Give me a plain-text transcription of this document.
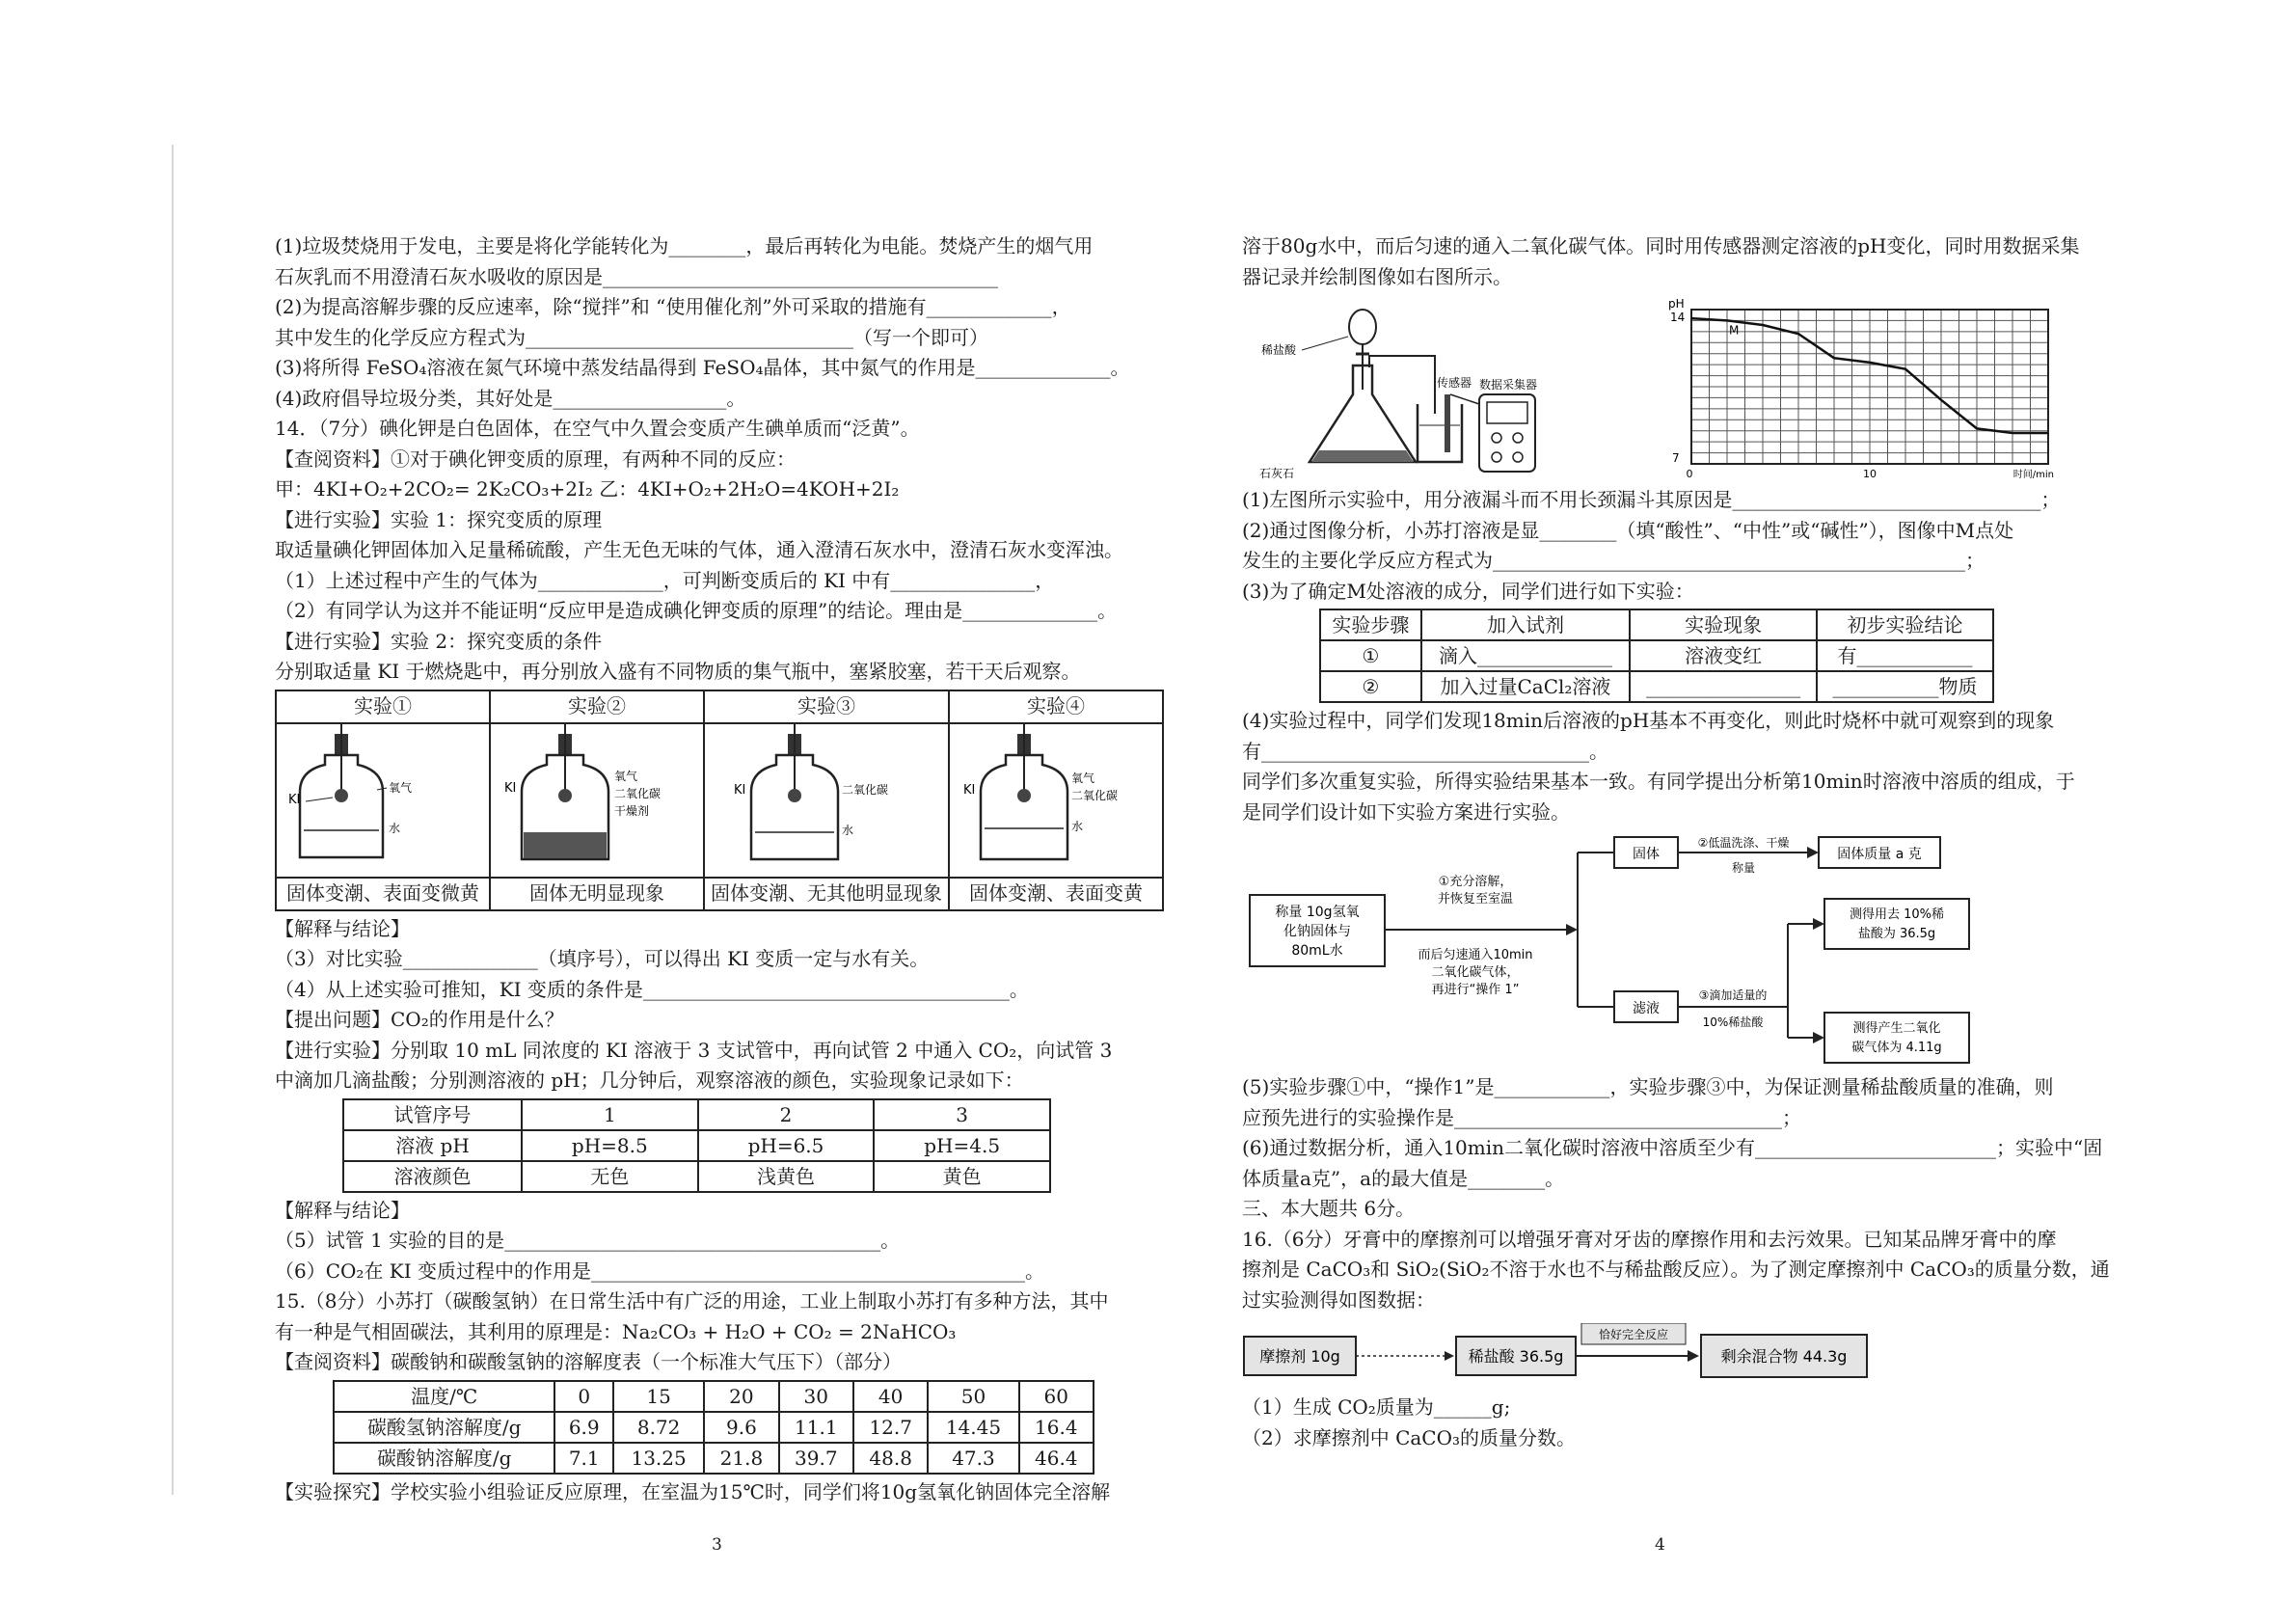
(1)垃圾焚烧用于发电，主要是将化学能转化为________，最后再转化为电能。焚烧产生的烟气用

石灰乳而不用澄清石灰水吸收的原因是_________________________________________

(2)为提高溶解步骤的反应速率，除“搅拌”和 “使用催化剂”外可采取的措施有_____________，

其中发生的化学反应方程式为__________________________________（写一个即可）

(3)将所得 FeSO₄溶液在氮气环境中蒸发结晶得到 FeSO₄晶体，其中氮气的作用是______________。

(4)政府倡导垃圾分类，其好处是__________________。

14．（7分）碘化钾是白色固体，在空气中久置会变质产生碘单质而“泛黄”。

【查阅资料】①对于碘化钾变质的原理，有两种不同的反应：

甲：4KI+O₂+2CO₂= 2K₂CO₃+2I₂ 乙：4KI+O₂+2H₂O=4KOH+2I₂

【进行实验】实验 1：探究变质的原理

取适量碘化钾固体加入足量稀硫酸，产生无色无味的气体，通入澄清石灰水中，澄清石灰水变浑浊。

（1）上述过程中产生的气体为_____________，可判断变质后的 KI 中有_______________，

（2）有同学认为这并不能证明“反应甲是造成碘化钾变质的原理”的结论。理由是______________。

【进行实验】实验 2：探究变质的条件

分别取适量 KI 于燃烧匙中，再分别放入盛有不同物质的集气瓶中，塞紧胶塞，若干天后观察。

实验①	实验②	实验③	实验④

KI
氧气
水	KI
氧气
二氧化碳
干燥剂	KI 二氧化碳
水	KI
氧气
二氧化碳
水

固体变潮、表面变微黄	固体无明显现象	固体变潮、无其他明显现象	固体变潮、表面变黄

【解释与结论】

（3）对比实验______________（填序号），可以得出 KI 变质一定与水有关。

（4）从上述实验可推知，KI 变质的条件是______________________________________。

【提出问题】CO₂的作用是什么？

【进行实验】分别取 10 mL 同浓度的 KI 溶液于 3 支试管中，再向试管 2 中通入 CO₂，向试管 3

中滴加几滴盐酸；分别测溶液的 pH；几分钟后，观察溶液的颜色，实验现象记录如下：

试管序号	1	2	3
溶液 pH	pH=8.5	pH=6.5	pH=4.5
溶液颜色	无色	浅黄色	黄色

【解释与结论】

（5）试管 1 实验的目的是_______________________________________。

（6）CO₂在 KI 变质过程中的作用是_____________________________________________。

15.（8分）小苏打（碳酸氢钠）在日常生活中有广泛的用途，工业上制取小苏打有多种方法，其中

有一种是气相固碳法，其利用的原理是：Na₂CO₃ + H₂O + CO₂ = 2NaHCO₃

【查阅资料】碳酸钠和碳酸氢钠的溶解度表（一个标准大气压下）（部分）

温度/℃	0	15	20	30	40	50	60
碳酸氢钠溶解度/g	6.9	8.72	9.6	11.1	12.7	14.45	16.4
碳酸钠溶解度/g	7.1	13.25	21.8	39.7	48.8	47.3	46.4

【实验探究】学校实验小组验证反应原理，在室温为15℃时，同学们将10g氢氧化钠固体完全溶解

3

溶于80g水中，而后匀速的通入二氧化碳气体。同时用传感器测定溶液的pH变化，同时用数据采集

器记录并绘制图像如右图所示。

稀盐酸
石灰石
传感器 数据采集器
pH
14
7
0	10	时间/min
M

(1)左图所示实验中，用分液漏斗而不用长颈漏斗其原因是________________________________；

(2)通过图像分析，小苏打溶液是显________（填“酸性”、“中性”或“碱性”），图像中M点处

发生的主要化学反应方程式为_________________________________________________；

(3)为了确定M处溶液的成分，同学们进行如下实验：

实验步骤	加入试剂	实验现象	初步实验结论
①	滴入______________	溶液变红	有____________
②	加入过量CaCl₂溶液	________________	___________物质

(4)实验过程中，同学们发现18min后溶液的pH基本不再变化，则此时烧杯中就可观察到的现象

有__________________________________。

同学们多次重复实验，所得实验结果基本一致。有同学提出分析第10min时溶液中溶质的组成，于

是同学们设计如下实验方案进行实验。

称量 10g氢氧化钠固体与 80mL水
①充分溶解，并恢复至室温
而后匀速通入10min 二氧化碳气体，再进行“操作 1”
固体
滤液
②低温洗涤、干燥
称量
固体质量 a 克
③滴加适量的
10%稀盐酸
测得用去 10%稀盐酸为 36.5g
测得产生二氧化碳气体为 4.11g

(5)实验步骤①中，“操作1”是____________，实验步骤③中，为保证测量稀盐酸质量的准确，则

应预先进行的实验操作是__________________________________；

(6)通过数据分析，通入10min二氧化碳时溶液中溶质至少有_________________________；实验中“固

体质量a克”，a的最大值是________。

三、本大题共 6分。

16.（6分）牙膏中的摩擦剂可以增强牙膏对牙齿的摩擦作用和去污效果。已知某品牌牙膏中的摩

擦剂是 CaCO₃和 SiO₂(SiO₂不溶于水也不与稀盐酸反应）。为了测定摩擦剂中 CaCO₃的质量分数，通

过实验测得如图数据：

摩擦剂 10g	稀盐酸 36.5g
恰好完全反应
剩余混合物 44.3g

（1）生成 CO₂质量为______g;

（2）求摩擦剂中 CaCO₃的质量分数。

4
